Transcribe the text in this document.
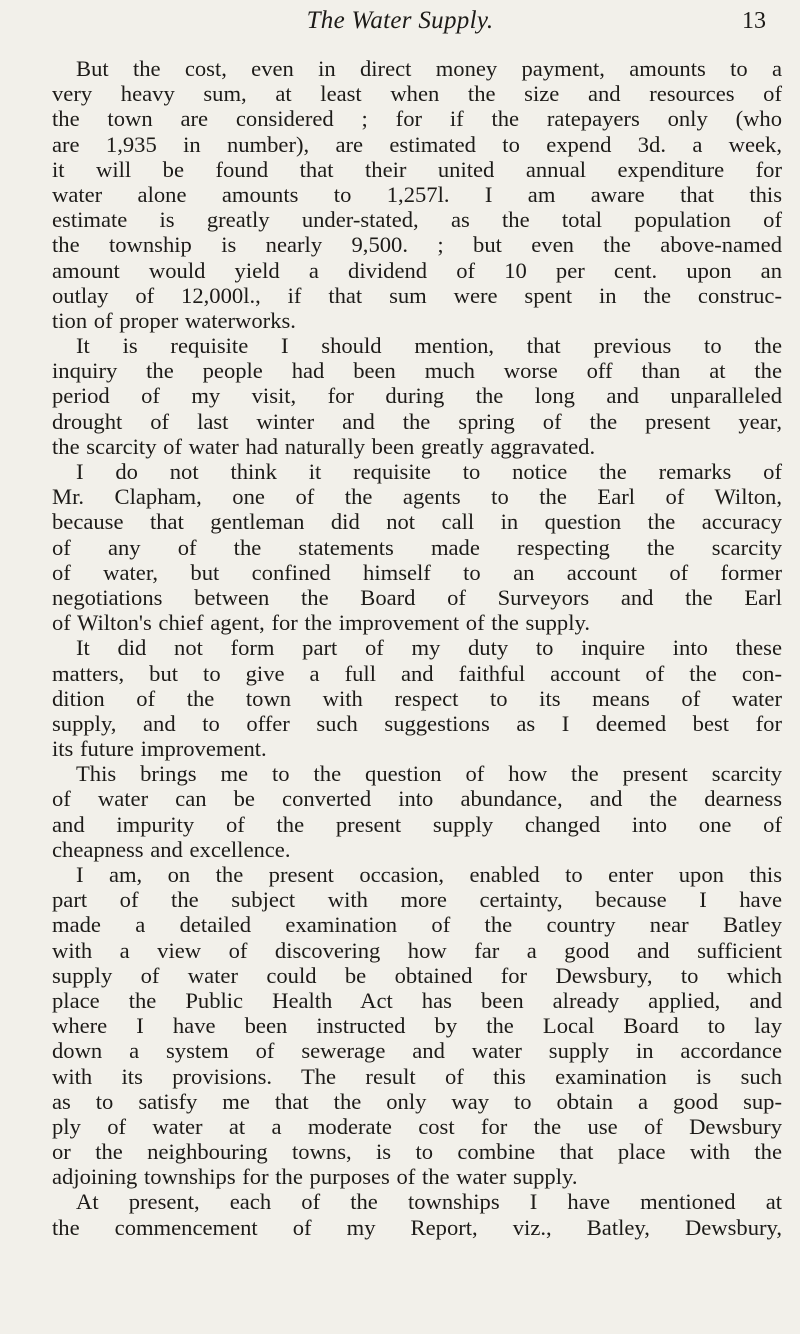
The Water Supply.	13
But the cost, even in direct money payment, amounts to a
very heavy sum, at least when the size and resources of
the town are considered ; for if the ratepayers only (who
are 1,935 in number), are estimated to expend 3d. a week,
it will be found that their united annual expenditure for
water alone amounts to 1,257l. I am aware that this
estimate is greatly under-stated, as the total population of
the township is nearly 9,500. ; but even the above-named
amount would yield a dividend of 10 per cent. upon an
outlay of 12,000l., if that sum were spent in the construc-
tion of proper waterworks.
It is requisite I should mention, that previous to the
inquiry the people had been much worse off than at the
period of my visit, for during the long and unparalleled
drought of last winter and the spring of the present year,
the scarcity of water had naturally been greatly aggravated.
I do not think it requisite to notice the remarks of
Mr. Clapham, one of the agents to the Earl of Wilton,
because that gentleman did not call in question the accuracy
of any of the statements made respecting the scarcity
of water, but confined himself to an account of former
negotiations between the Board of Surveyors and the Earl
of Wilton's chief agent, for the improvement of the supply.
It did not form part of my duty to inquire into these
matters, but to give a full and faithful account of the con-
dition of the town with respect to its means of water
supply, and to offer such suggestions as I deemed best for
its future improvement.
This brings me to the question of how the present scarcity
of water can be converted into abundance, and the dearness
and impurity of the present supply changed into one of
cheapness and excellence.
I am, on the present occasion, enabled to enter upon this
part of the subject with more certainty, because I have
made a detailed examination of the country near Batley
with a view of discovering how far a good and sufficient
supply of water could be obtained for Dewsbury, to which
place the Public Health Act has been already applied, and
where I have been instructed by the Local Board to lay
down a system of sewerage and water supply in accordance
with its provisions. The result of this examination is such
as to satisfy me that the only way to obtain a good sup-
ply of water at a moderate cost for the use of Dewsbury
or the neighbouring towns, is to combine that place with the
adjoining townships for the purposes of the water supply.
At present, each of the townships I have mentioned at
the commencement of my Report, viz., Batley, Dewsbury,
